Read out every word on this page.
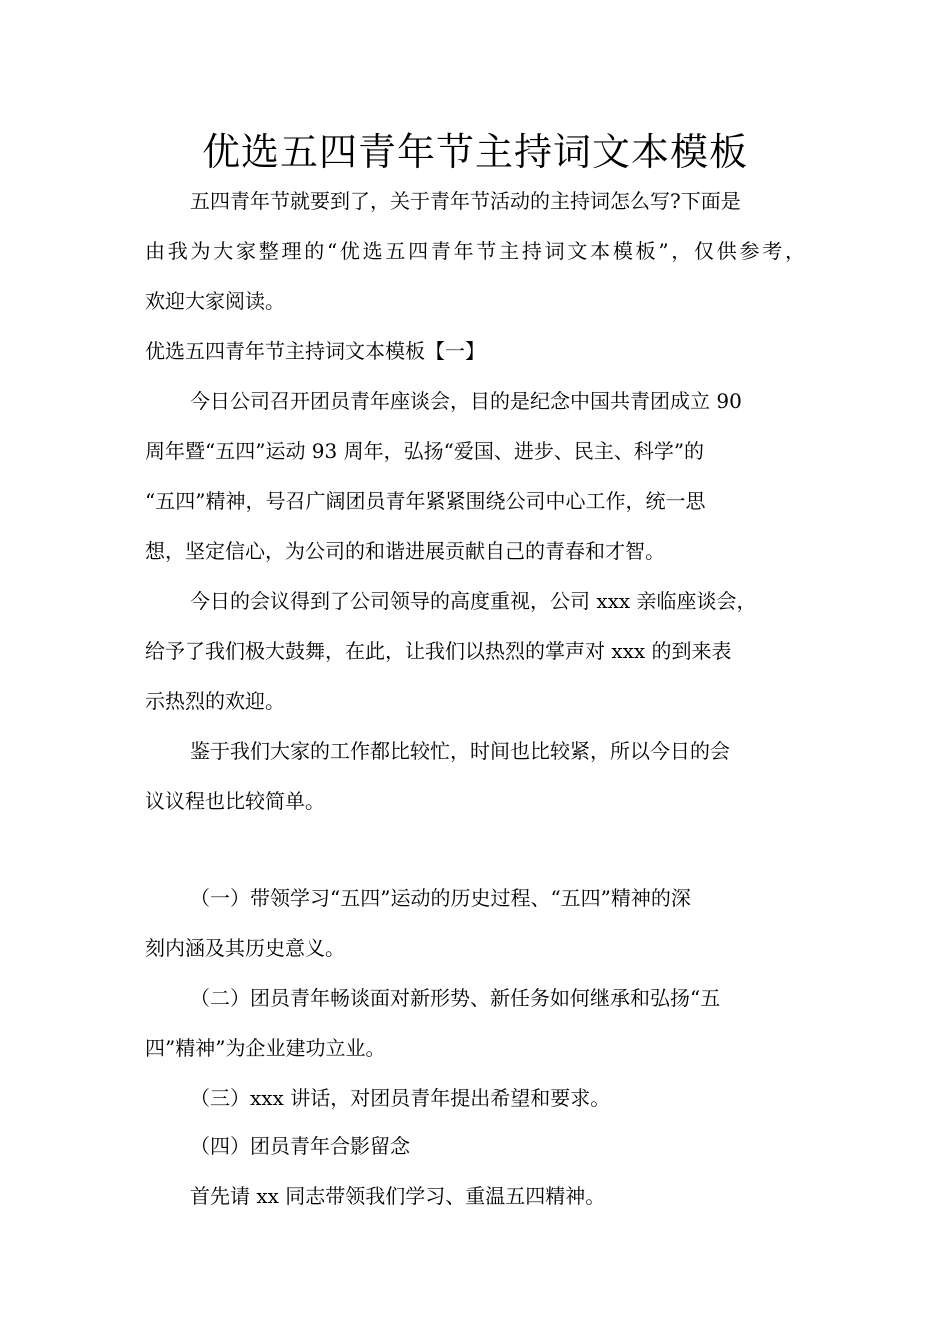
优选五四青年节主持词文本模板
五四青年节就要到了，关于青年节活动的主持词怎么写?下面是
由我为大家整理的“优选五四青年节主持词文本模板”，仅供参考，
欢迎大家阅读。
优选五四青年节主持词文本模板【一】
今日公司召开团员青年座谈会，目的是纪念中国共青团成立 90
周年暨“五四”运动 93 周年，弘扬“爱国、进步、民主、科学”的
“五四”精神，号召广阔团员青年紧紧围绕公司中心工作，统一思
想，坚定信心，为公司的和谐进展贡献自己的青春和才智。
今日的会议得到了公司领导的高度重视，公司 xxx 亲临座谈会，
给予了我们极大鼓舞，在此，让我们以热烈的掌声对 xxx 的到来表
示热烈的欢迎。
鉴于我们大家的工作都比较忙，时间也比较紧，所以今日的会
议议程也比较简单。
（一）带领学习“五四”运动的历史过程、“五四”精神的深
刻内涵及其历史意义。
（二）团员青年畅谈面对新形势、新任务如何继承和弘扬“五
四”精神”为企业建功立业。
（三）xxx 讲话，对团员青年提出希望和要求。
（四）团员青年合影留念
首先请 xx 同志带领我们学习、重温五四精神。
